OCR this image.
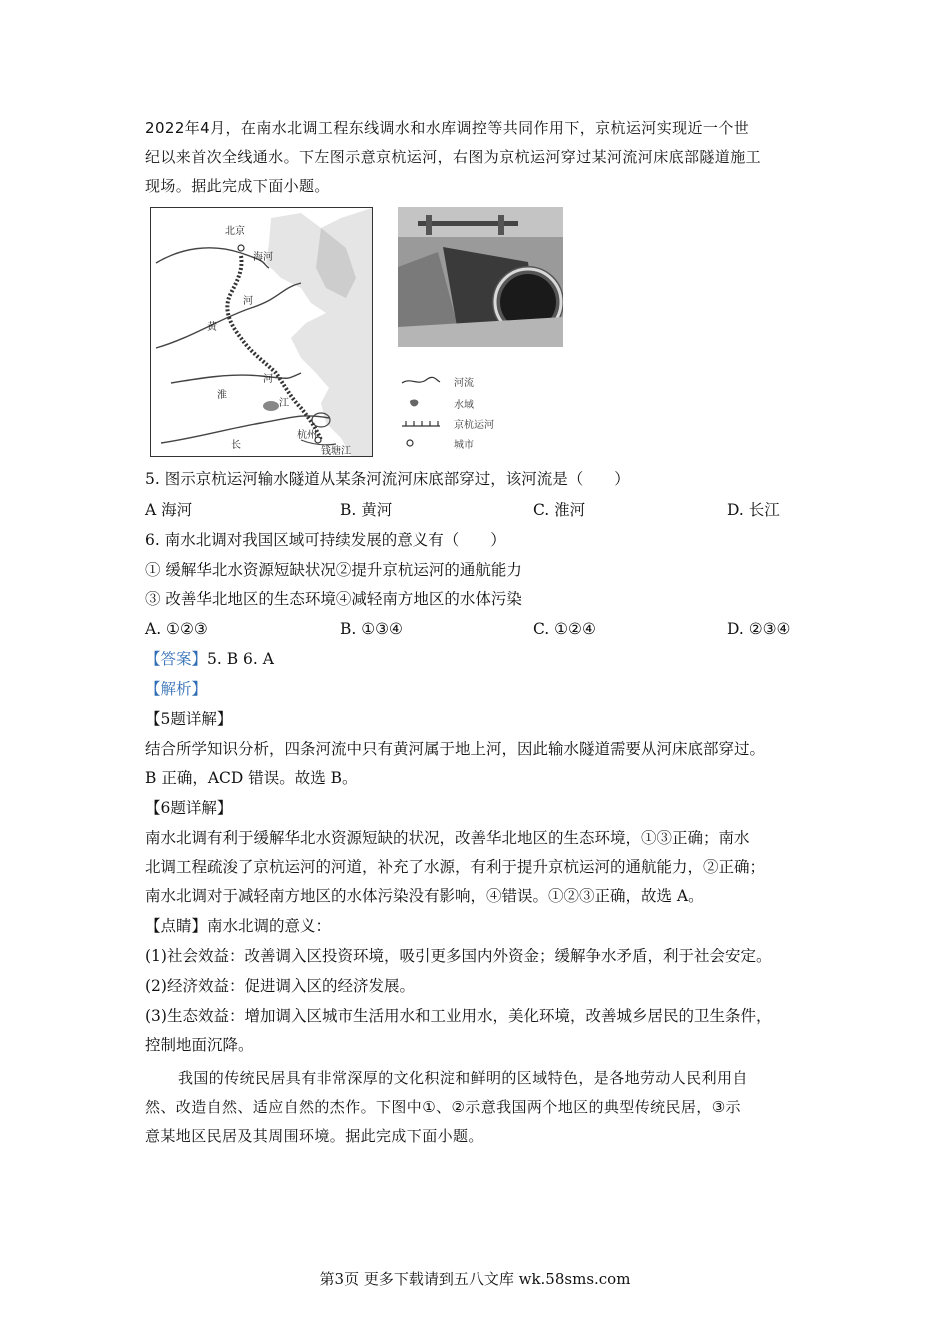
2022年4月，在南水北调工程东线调水和水库调控等共同作用下，京杭运河实现近一个世
纪以来首次全线通水。下左图示意京杭运河，右图为京杭运河穿过某河流河床底部隧道施工
现场。据此完成下面小题。
北京
海河
河
黄
淮
河
江
长
杭州
钱塘江
河流
水域
京杭运河
城市
5. 图示京杭运河输水隧道从某条河流河床底部穿过，该河流是（　　）
A 海河	B. 黄河	C. 淮河	D. 长江
6. 南水北调对我国区域可持续发展的意义有（　　）
① 缓解华北水资源短缺状况②提升京杭运河的通航能力
③ 改善华北地区的生态环境④减轻南方地区的水体污染
A. ①②③	B. ①③④	C. ①②④	D. ②③④
【答案】5. B 6. A
【解析】
【5题详解】
结合所学知识分析，四条河流中只有黄河属于地上河，因此输水隧道需要从河床底部穿过。
B 正确，ACD 错误。故选 B。
【6题详解】
南水北调有利于缓解华北水资源短缺的状况，改善华北地区的生态环境，①③正确；南水
北调工程疏浚了京杭运河的河道，补充了水源，有利于提升京杭运河的通航能力，②正确；
南水北调对于减轻南方地区的水体污染没有影响，④错误。①②③正确，故选 A。
【点睛】南水北调的意义：
(1)社会效益：改善调入区投资环境，吸引更多国内外资金；缓解争水矛盾，利于社会安定。
(2)经济效益：促进调入区的经济发展。
(3)生态效益：增加调入区城市生活用水和工业用水，美化环境，改善城乡居民的卫生条件，
控制地面沉降。
我国的传统民居具有非常深厚的文化积淀和鲜明的区域特色，是各地劳动人民利用自
然、改造自然、适应自然的杰作。下图中①、②示意我国两个地区的典型传统民居，③示
意某地区民居及其周围环境。据此完成下面小题。
第3页 更多下载请到五八文库 wk.58sms.com
